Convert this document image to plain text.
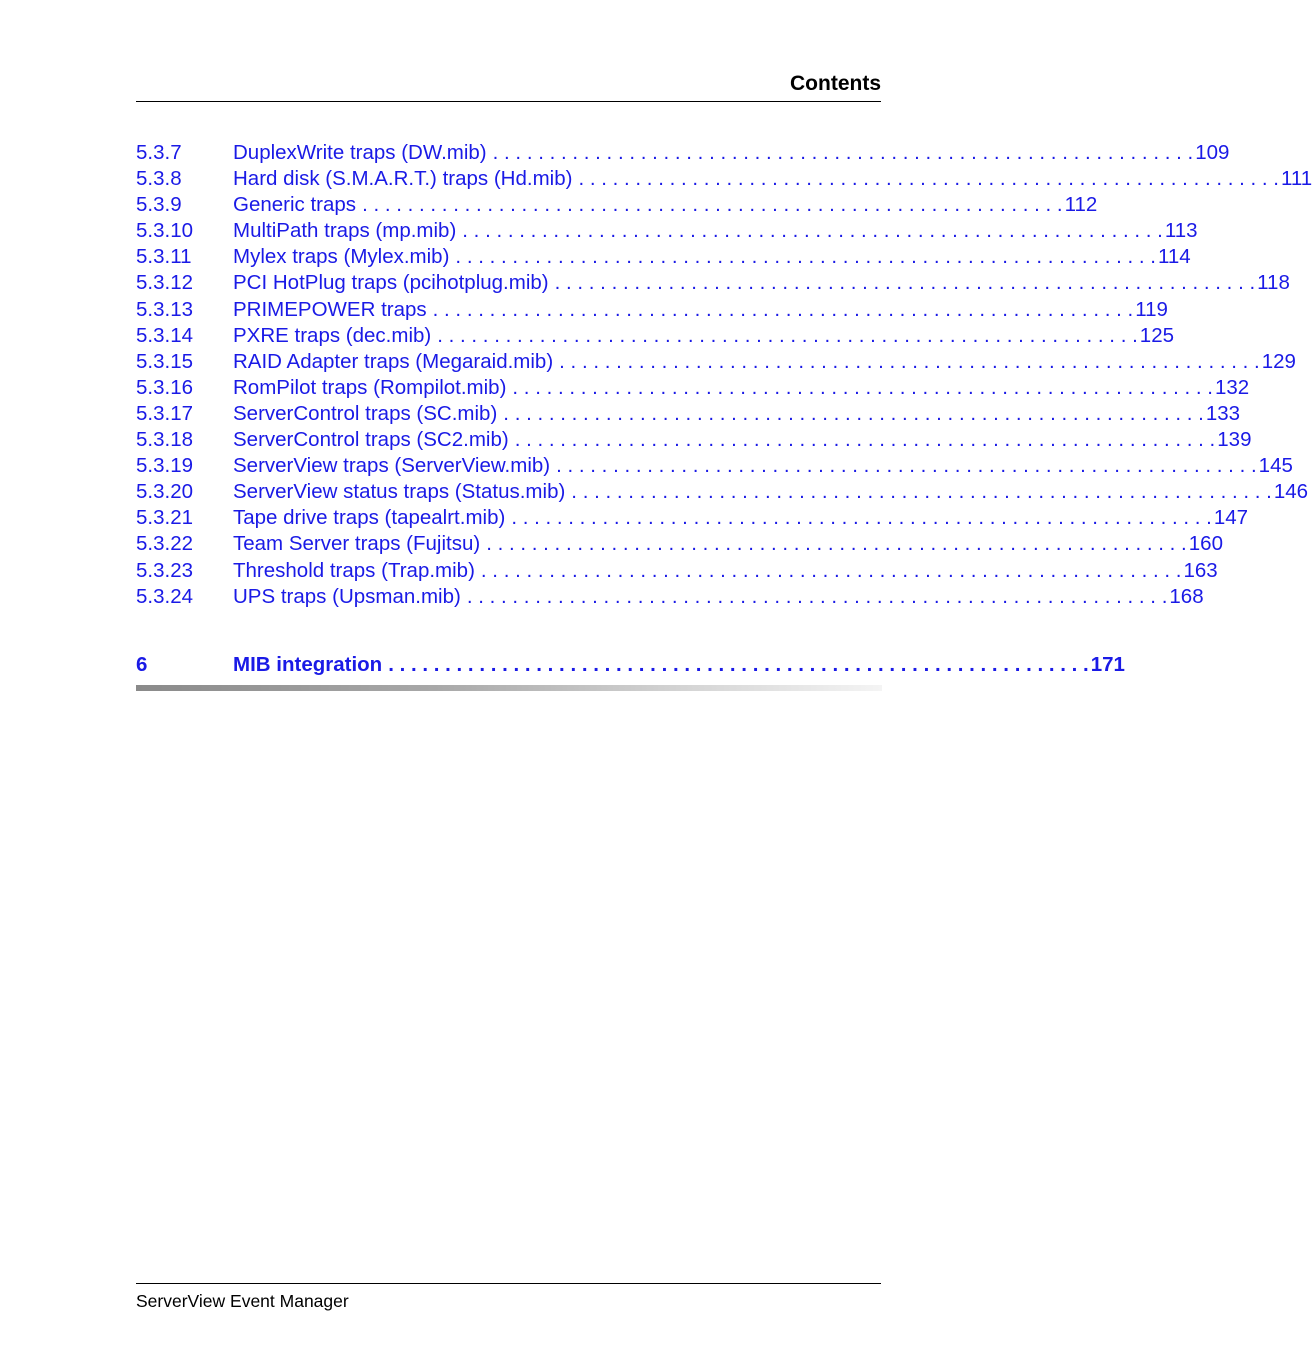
Contents
5.3.7	DuplexWrite traps (DW.mib) . . . . . . . . . . . . . . . . . . . . . . . . . . . . . . . . . . . . . . . . . . . . . . . . . . . . . . . . . . . . . . 109
5.3.8	Hard disk (S.M.A.R.T.) traps (Hd.mib) . . . . . . . . . . . . . . . . . . . . . . . . . . . . . . . . . . . . . . . . . . . . . . . . . . . . . . . . . . . . . . 111
5.3.9	Generic traps . . . . . . . . . . . . . . . . . . . . . . . . . . . . . . . . . . . . . . . . . . . . . . . . . . . . . . . . . . . . . . 112
5.3.10	MultiPath traps (mp.mib) . . . . . . . . . . . . . . . . . . . . . . . . . . . . . . . . . . . . . . . . . . . . . . . . . . . . . . . . . . . . . . 113
5.3.11	Mylex traps (Mylex.mib) . . . . . . . . . . . . . . . . . . . . . . . . . . . . . . . . . . . . . . . . . . . . . . . . . . . . . . . . . . . . . . 114
5.3.12	PCI HotPlug traps (pcihotplug.mib) . . . . . . . . . . . . . . . . . . . . . . . . . . . . . . . . . . . . . . . . . . . . . . . . . . . . . . . . . . . . . . 118
5.3.13	PRIMEPOWER traps . . . . . . . . . . . . . . . . . . . . . . . . . . . . . . . . . . . . . . . . . . . . . . . . . . . . . . . . . . . . . . 119
5.3.14	PXRE traps (dec.mib) . . . . . . . . . . . . . . . . . . . . . . . . . . . . . . . . . . . . . . . . . . . . . . . . . . . . . . . . . . . . . . 125
5.3.15	RAID Adapter traps (Megaraid.mib) . . . . . . . . . . . . . . . . . . . . . . . . . . . . . . . . . . . . . . . . . . . . . . . . . . . . . . . . . . . . . . 129
5.3.16	RomPilot traps (Rompilot.mib) . . . . . . . . . . . . . . . . . . . . . . . . . . . . . . . . . . . . . . . . . . . . . . . . . . . . . . . . . . . . . . 132
5.3.17	ServerControl traps (SC.mib) . . . . . . . . . . . . . . . . . . . . . . . . . . . . . . . . . . . . . . . . . . . . . . . . . . . . . . . . . . . . . . 133
5.3.18	ServerControl traps (SC2.mib) . . . . . . . . . . . . . . . . . . . . . . . . . . . . . . . . . . . . . . . . . . . . . . . . . . . . . . . . . . . . . . 139
5.3.19	ServerView traps (ServerView.mib) . . . . . . . . . . . . . . . . . . . . . . . . . . . . . . . . . . . . . . . . . . . . . . . . . . . . . . . . . . . . . . 145
5.3.20	ServerView status traps (Status.mib) . . . . . . . . . . . . . . . . . . . . . . . . . . . . . . . . . . . . . . . . . . . . . . . . . . . . . . . . . . . . . . 146
5.3.21	Tape drive traps (tapealrt.mib) . . . . . . . . . . . . . . . . . . . . . . . . . . . . . . . . . . . . . . . . . . . . . . . . . . . . . . . . . . . . . . 147
5.3.22	Team Server traps (Fujitsu) . . . . . . . . . . . . . . . . . . . . . . . . . . . . . . . . . . . . . . . . . . . . . . . . . . . . . . . . . . . . . . 160
5.3.23	Threshold traps (Trap.mib) . . . . . . . . . . . . . . . . . . . . . . . . . . . . . . . . . . . . . . . . . . . . . . . . . . . . . . . . . . . . . . 163
5.3.24	UPS traps (Upsman.mib) . . . . . . . . . . . . . . . . . . . . . . . . . . . . . . . . . . . . . . . . . . . . . . . . . . . . . . . . . . . . . . 168
6	MIB integration . . . . . . . . . . . . . . . . . . . . . . . . . . . . . . . . . . . . . . . . . . . . . . . . . . . . . . . . . . . . . . 171
ServerView Event Manager
